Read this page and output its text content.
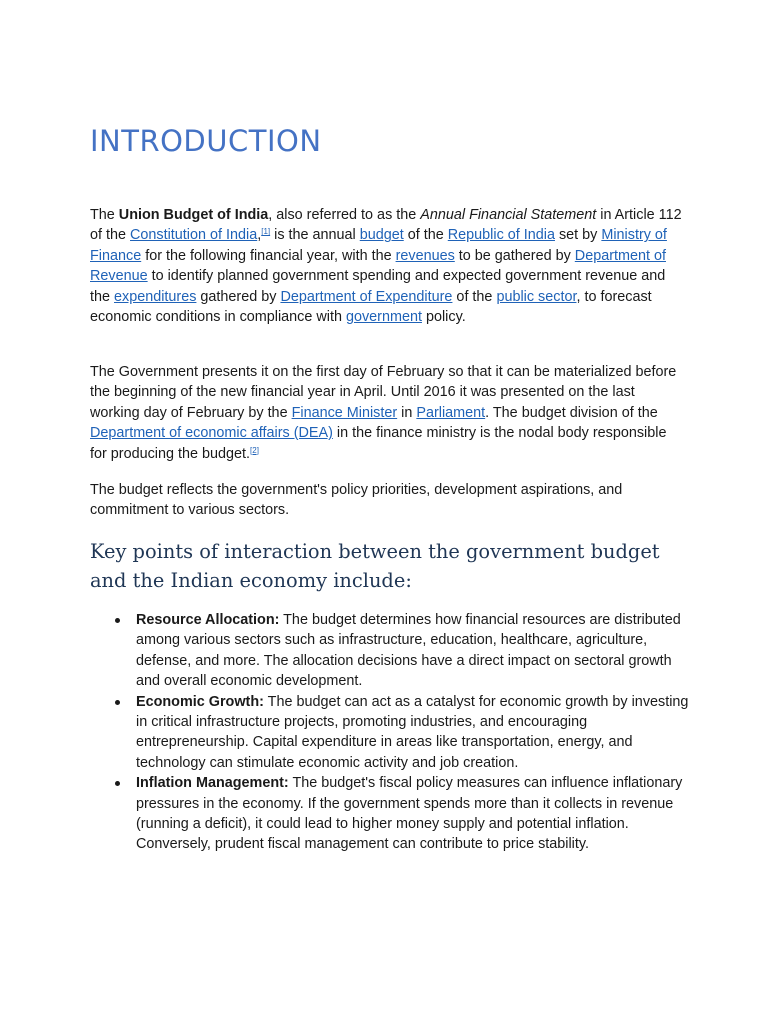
INTRODUCTION

The Union Budget of India, also referred to as the Annual Financial Statement in Article 112 of the Constitution of India,[1] is the annual budget of the Republic of India set by Ministry of Finance for the following financial year, with the revenues to be gathered by Department of Revenue to identify planned government spending and expected government revenue and the expenditures gathered by Department of Expenditure of the public sector, to forecast economic conditions in compliance with government policy.

The Government presents it on the first day of February so that it can be materialized before the beginning of the new financial year in April. Until 2016 it was presented on the last working day of February by the Finance Minister in Parliament. The budget division of the Department of economic affairs (DEA) in the finance ministry is the nodal body responsible for producing the budget.[2]

The budget reflects the government's policy priorities, development aspirations, and commitment to various sectors.

Key points of interaction between the government budget and the Indian economy include:
Resource Allocation: The budget determines how financial resources are distributed among various sectors such as infrastructure, education, healthcare, agriculture, defense, and more. The allocation decisions have a direct impact on sectoral growth and overall economic development.
Economic Growth: The budget can act as a catalyst for economic growth by investing in critical infrastructure projects, promoting industries, and encouraging entrepreneurship. Capital expenditure in areas like transportation, energy, and technology can stimulate economic activity and job creation.
Inflation Management: The budget's fiscal policy measures can influence inflationary pressures in the economy. If the government spends more than it collects in revenue (running a deficit), it could lead to higher money supply and potential inflation. Conversely, prudent fiscal management can contribute to price stability.
